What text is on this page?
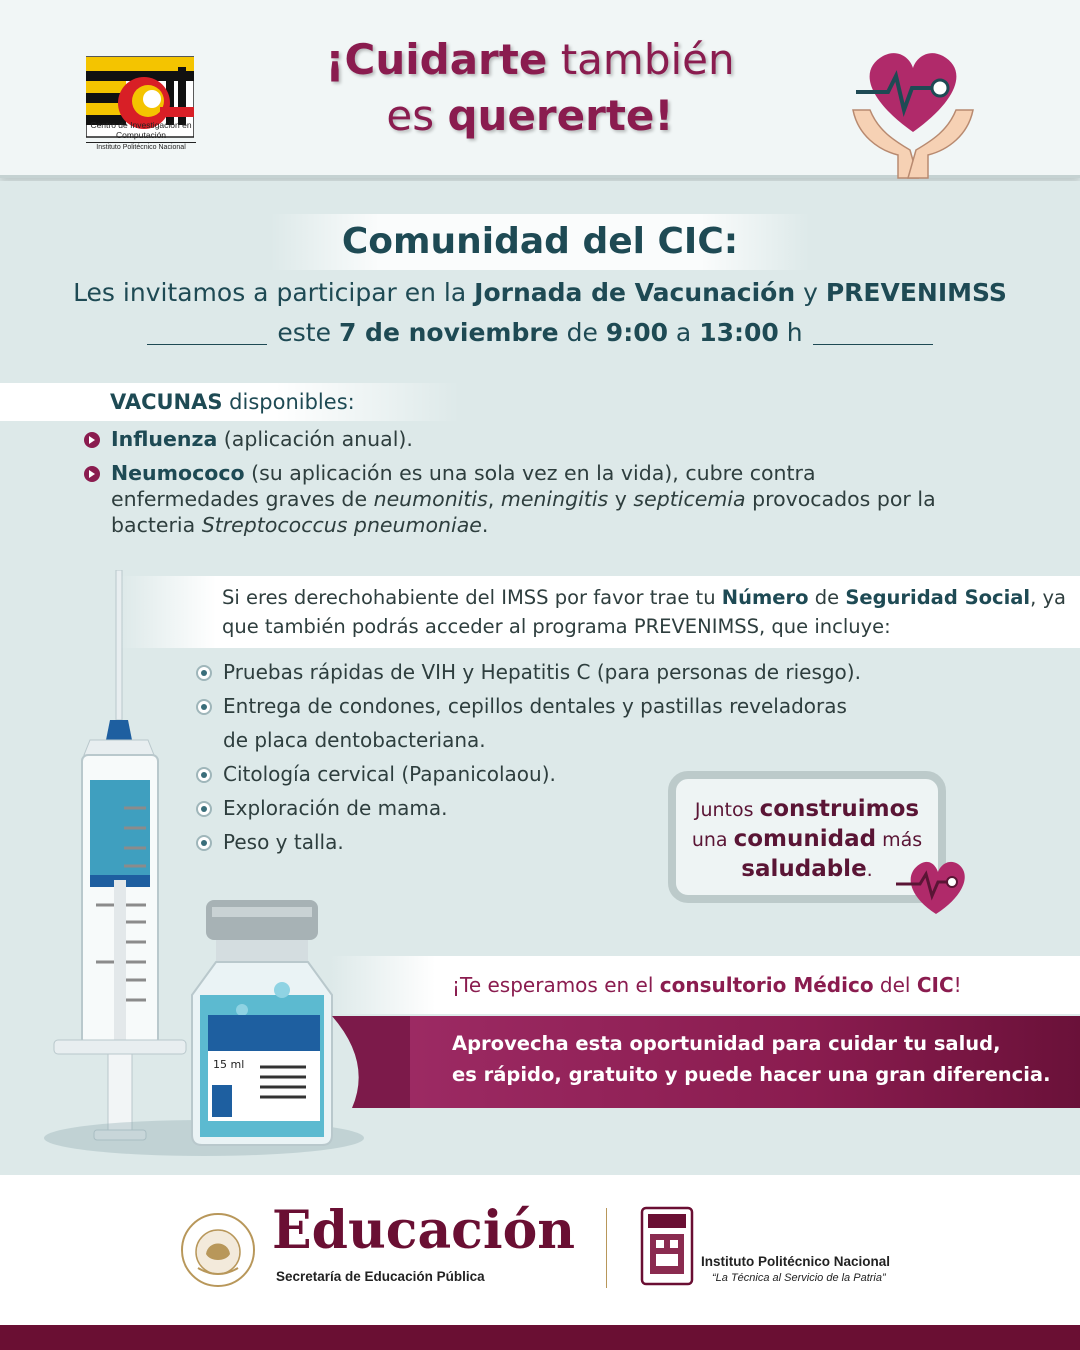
Centro de Investigación en Computación
Instituto Politécnico Nacional
¡Cuidarte también
es quererte!
Comunidad del CIC:
Les invitamos a participar en la Jornada de Vacunación y PREVENIMSS
este 7 de noviembre de 9:00 a 13:00 h
VACUNAS disponibles:
Influenza (aplicación anual).
Neumococo (su aplicación es una sola vez en la vida), cubre contra enfermedades graves de neumonitis, meningitis y septicemia provocados por la bacteria Streptococcus pneumoniae.
Si eres derechohabiente del IMSS por favor trae tu Número de Seguridad Social, ya que también podrás acceder al programa PREVENIMSS, que incluye:
Pruebas rápidas de VIH y Hepatitis C (para personas de riesgo).
Entrega de condones, cepillos dentales y pastillas reveladoras
de placa dentobacteriana.
Citología cervical (Papanicolaou).
Exploración de mama.
Peso y talla.
Juntos construimos
una comunidad más
saludable.
15 ml
¡Te esperamos en el consultorio Médico del CIC!
Aprovecha esta oportunidad para cuidar tu salud,
es rápido, gratuito y puede hacer una gran diferencia.
Educación
Secretaría de Educación Pública
Instituto Politécnico Nacional
“La Técnica al Servicio de la Patria”
